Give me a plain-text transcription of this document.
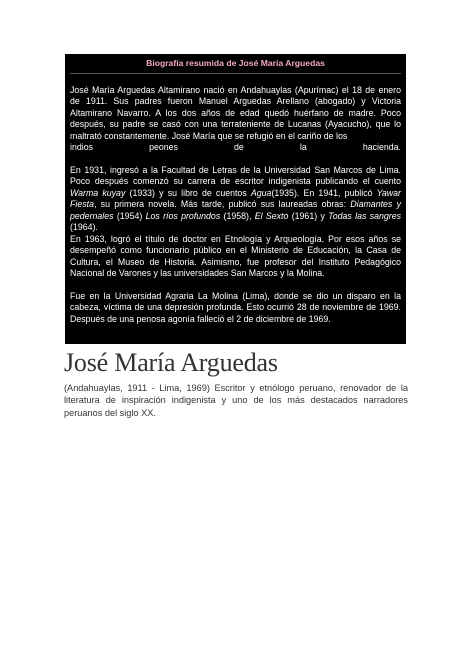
Biografía resumida de José María Arguedas

José María Arguedas Altamirano nació en Andahuaylas (Apurímac) el 18 de enero de 1911. Sus padres fueron Manuel Arguedas Arellano (abogado) y Victoria Altamirano Navarro. A los dos años de edad quedó huérfano de madre. Poco después, su padre se casó con una terrateniente de Lucanas (Ayacucho), que lo maltrató constantemente. José María que se refugió en el cariño de los

indios	peones	de	la	hacienda.

En 1931, ingresó a la Facultad de Letras de la Universidad San Marcos de Lima. Poco después comenzó su carrera de escritor indigenista publicando el cuento Warma kuyay (1933) y su libro de cuentos Agua(1935). En 1941, publicó Yawar Fiesta, su primera novela. Más tarde, publicó sus laureadas obras: Diamantes y pedernales (1954) Los ríos profundos (1958), El Sexto (1961) y Todas las sangres (1964).

En 1963, logró el título de doctor en Etnología y Arqueología. Por esos años se desempeñó como funcionario público en el Ministerio de Educación, la Casa de Cultura, el Museo de Historia. Asimismo, fue profesor del Instituto Pedagógico Nacional de Varones y las universidades San Marcos y la Molina.

Fue en la Universidad Agraria La Molina (Lima), donde se dio un disparo en la cabeza, víctima de una depresión profunda. Esto ocurrió 28 de noviembre de 1969. Después de una penosa agonía falleció el 2 de diciembre de 1969.

José María Arguedas

(Andahuaylas, 1911 - Lima, 1969) Escritor y etnólogo peruano, renovador de la literatura de inspiración indigenista y uno de los más destacados narradores peruanos del siglo XX.
